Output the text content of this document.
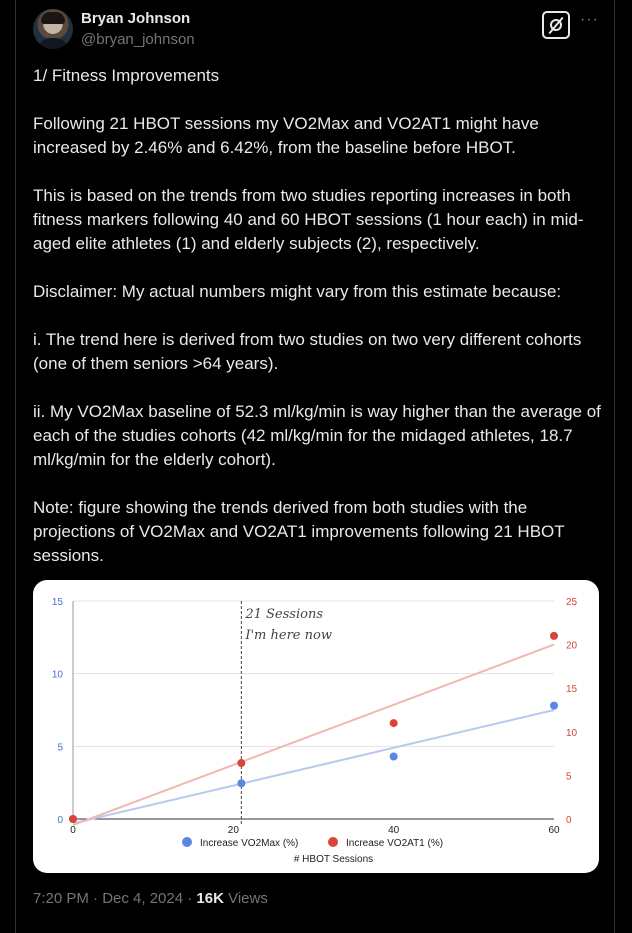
Bryan Johnson
@bryan_johnson
···

1/ Fitness Improvements

Following 21 HBOT sessions my VO2Max and VO2AT1 might have increased by 2.46% and 6.42%, from the baseline before HBOT.

This is based on the trends from two studies reporting increases in both fitness markers following 40 and 60 HBOT sessions (1 hour each) in mid-aged elite athletes (1) and elderly subjects (2), respectively.

Disclaimer: My actual numbers might vary from this estimate because:

i. The trend here is derived from two studies on two very different cohorts (one of them seniors >64 years).

ii. My VO2Max baseline of 52.3 ml/kg/min is way higher than the average of each of the studies cohorts (42 ml/kg/min for the midaged athletes, 18.7 ml/kg/min for the elderly cohort).

Note: figure showing the trends derived from both studies with the projections of VO2Max and VO2AT1 improvements following 21 HBOT sessions.

0
5
10
15
0
5
10
15
20
25
0	20	40	60
21 Sessions
I'm here now
Increase VO2Max (%)	Increase VO2AT1 (%)
# HBOT Sessions
7:20 PM · Dec 4, 2024 · 16K Views
